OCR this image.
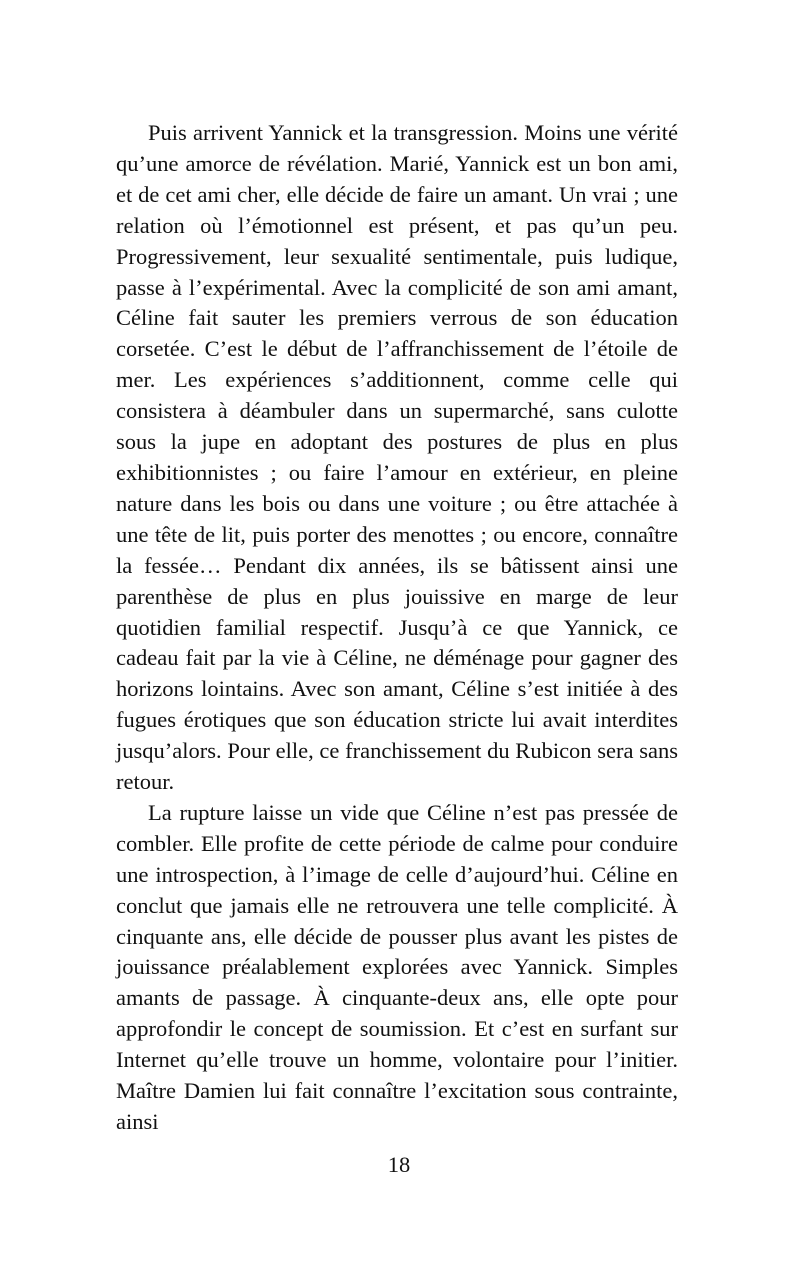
Puis arrivent Yannick et la transgression. Moins une vérité qu’une amorce de révélation. Marié, Yannick est un bon ami, et de cet ami cher, elle décide de faire un amant. Un vrai ; une relation où l’émotionnel est présent, et pas qu’un peu. Progressivement, leur sexualité sentimentale, puis ludique, passe à l’expérimental. Avec la complicité de son ami amant, Céline fait sauter les premiers verrous de son éducation corsetée. C’est le début de l’affranchissement de l’étoile de mer. Les expériences s’additionnent, comme celle qui consistera à déambuler dans un supermarché, sans culotte sous la jupe en adoptant des postures de plus en plus exhibitionnistes ; ou faire l’amour en extérieur, en pleine nature dans les bois ou dans une voiture ; ou être attachée à une tête de lit, puis porter des menottes ; ou encore, connaître la fessée… Pendant dix années, ils se bâtissent ainsi une parenthèse de plus en plus jouissive en marge de leur quotidien familial respectif. Jusqu’à ce que Yannick, ce cadeau fait par la vie à Céline, ne déménage pour gagner des horizons lointains. Avec son amant, Céline s’est initiée à des fugues érotiques que son éducation stricte lui avait interdites jusqu’alors. Pour elle, ce franchissement du Rubicon sera sans retour.

La rupture laisse un vide que Céline n’est pas pressée de combler. Elle profite de cette période de calme pour conduire une introspection, à l’image de celle d’aujourd’hui. Céline en conclut que jamais elle ne retrouvera une telle complicité. À cinquante ans, elle décide de pousser plus avant les pistes de jouissance préalablement explorées avec Yannick. Simples amants de passage. À cinquante-deux ans, elle opte pour approfondir le concept de soumission. Et c’est en surfant sur Internet qu’elle trouve un homme, volontaire pour l’initier. Maître Damien lui fait connaître l’excitation sous contrainte, ainsi

18
